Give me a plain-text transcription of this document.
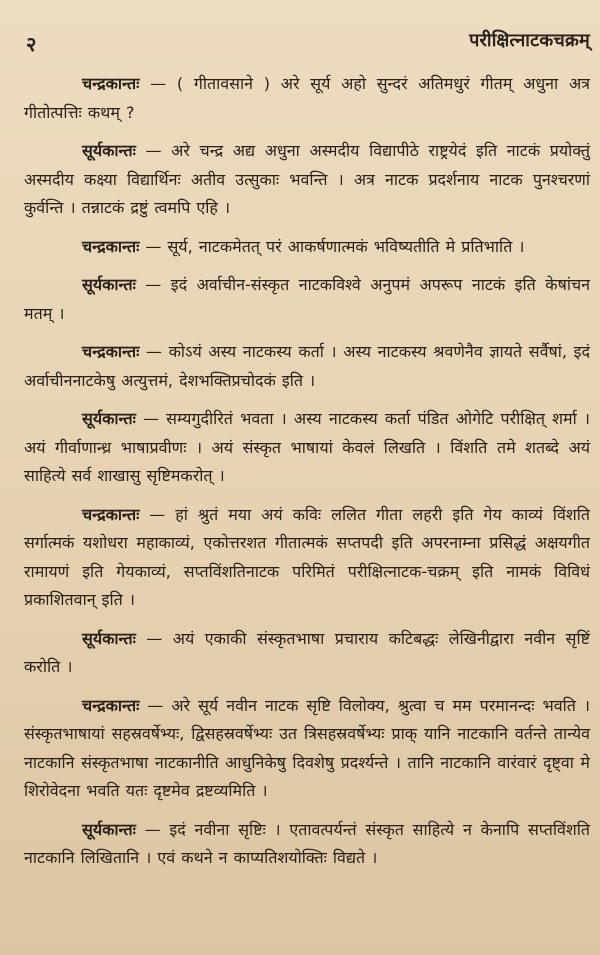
२	परीक्षित्नाटकचक्रम्

चन्द्रकान्तः — ( गीतावसाने ) अरे सूर्य अहो सुन्दरं अतिमधुरं गीतम् अधुना अत्र गीतोत्पत्तिः कथम् ?

सूर्यकान्तः — अरे चन्द्र अद्य अधुना अस्मदीय विद्यापीठे राष्ट्रयेदं इति नाटकं प्रयोक्तुं अस्मदीय कक्ष्या विद्यार्थिनः अतीव उत्सुकाः भवन्ति । अत्र नाटक प्रदर्शनाय नाटक पुनश्चरणां कुर्वन्ति । तन्नाटकं द्रष्टुं त्वमपि एहि ।

चन्द्रकान्तः — सूर्य, नाटकमेतत् परं आकर्षणात्मकं भविष्यतीति मे प्रतिभाति ।

सूर्यकान्तः — इदं अर्वाचीन-संस्कृत नाटकविश्वे अनुपमं अपरूप नाटकं इति केषांचन मतम् ।

चन्द्रकान्तः — कोऽयं अस्य नाटकस्य कर्ता । अस्य नाटकस्य श्रवणेनैव ज्ञायते सर्वैषां, इदं अर्वाचीननाटकेषु अत्युत्तमं, देशभक्तिप्रचोदकं इति ।

सूर्यकान्तः — सम्यगुदीरितं भवता । अस्य नाटकस्य कर्ता पंडित ओगेटि परीक्षित् शर्मा । अयं गीर्वाणान्ध्र भाषाप्रवीणः । अयं संस्कृत भाषायां केवलं लिखति । विंशति तमे शतब्दे अयं साहित्ये सर्व शाखासु सृष्टिमकरोत् ।

चन्द्रकान्तः — हां श्रुतं मया अयं कविः ललित गीता लहरी इति गेय काव्यं विंशति सर्गात्मकं यशोधरा महाकाव्यं, एकोत्तरशत गीतात्मकं सप्तपदी इति अपरनाम्ना प्रसिद्धं अक्षयगीत रामायणं इति गेयकाव्यं, सप्तविंशतिनाटक परिमितं परीक्षित्नाटक-चक्रम् इति नामकं विविधं प्रकाशितवान् इति ।

सूर्यकान्तः — अयं एकाकी संस्कृतभाषा प्रचाराय कटिबद्धः लेखिनीद्वारा नवीन सृष्टिं करोति ।

चन्द्रकान्तः — अरे सूर्य नवीन नाटक सृष्टि विलोक्य, श्रुत्वा च मम परमानन्दः भवति । संस्कृतभाषायां सहस्रवर्षेभ्यः, द्विसहस्रवर्षेभ्यः उत त्रिसहस्रवर्षेभ्यः प्राक् यानि नाटकानि वर्तन्ते तान्येव नाटकानि संस्कृतभाषा नाटकानीति आधुनिकेषु दिवशेषु प्रदर्श्यन्ते । तानि नाटकानि वारंवारं दृष्ट्वा मे शिरोवेदना भवति यतः दृष्टमेव द्रष्टव्यमिति ।

सूर्यकान्तः — इदं नवीना सृष्टिः । एतावत्पर्यन्तं संस्कृत साहित्ये न केनापि सप्तविंशति नाटकानि लिखितानि । एवं कथने न काप्यतिशयोक्तिः विद्यते ।
